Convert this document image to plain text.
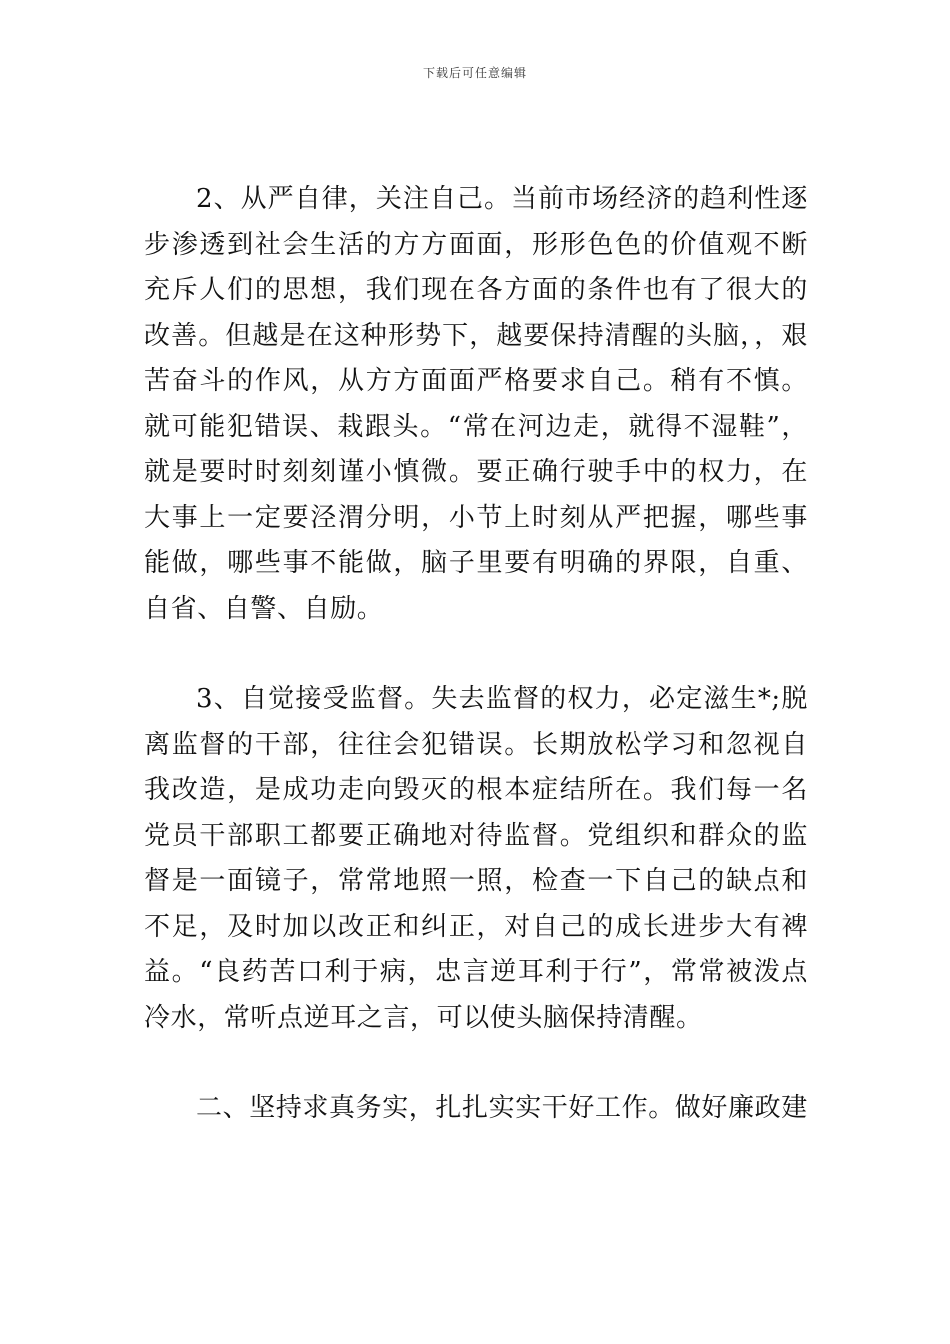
下载后可任意编辑

2、从严自律，关注自己。当前市场经济的趋利性逐步渗透到社会生活的方方面面，形形色色的价值观不断充斥人们的思想，我们现在各方面的条件也有了很大的改善。但越是在这种形势下，越要保持清醒的头脑，，艰苦奋斗的作风，从方方面面严格要求自己。稍有不慎。就可能犯错误、栽跟头。“常在河边走，就得不湿鞋”，就是要时时刻刻谨小慎微。要正确行驶手中的权力，在大事上一定要泾渭分明，小节上时刻从严把握，哪些事能做，哪些事不能做，脑子里要有明确的界限，自重、自省、自警、自励。

3、自觉接受监督。失去监督的权力，必定滋生*;脱离监督的干部，往往会犯错误。长期放松学习和忽视自我改造，是成功走向毁灭的根本症结所在。我们每一名党员干部职工都要正确地对待监督。党组织和群众的监督是一面镜子，常常地照一照，检查一下自己的缺点和不足，及时加以改正和纠正，对自己的成长进步大有裨益。“良药苦口利于病，忠言逆耳利于行”，常常被泼点冷水，常听点逆耳之言，可以使头脑保持清醒。

二、坚持求真务实，扎扎实实干好工作。做好廉政建
